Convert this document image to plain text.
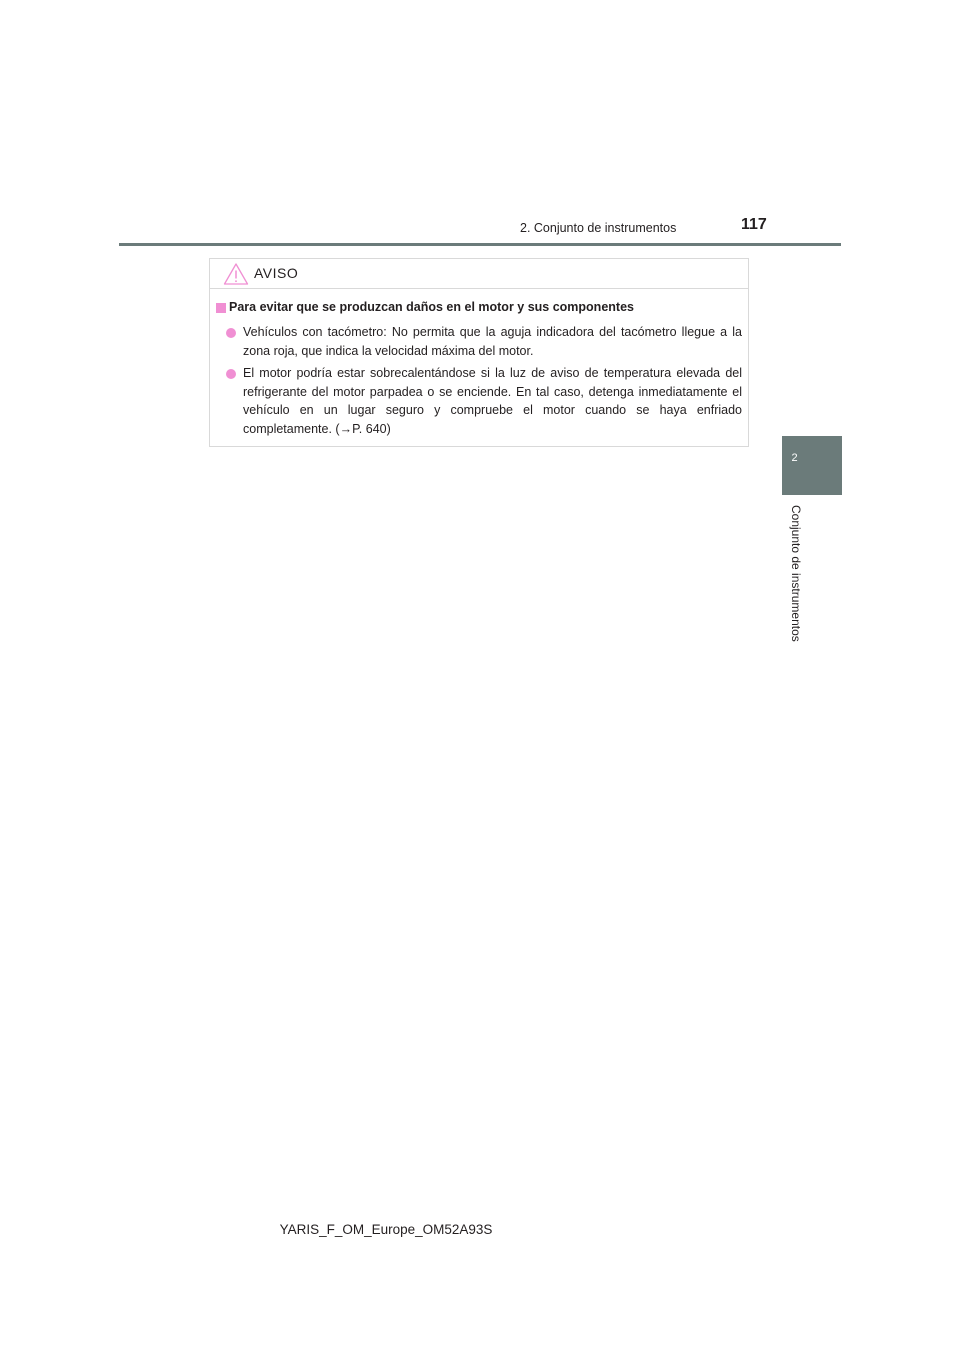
2. Conjunto de instrumentos	117
2
Conjunto de instrumentos
AVISO
Para evitar que se produzcan daños en el motor y sus componentes
Vehículos con tacómetro: No permita que la aguja indicadora del tacómetro llegue a la zona roja, que indica la velocidad máxima del motor.
El motor podría estar sobrecalentándose si la luz de aviso de temperatura elevada del refrigerante del motor parpadea o se enciende. En tal caso, detenga inmediatamente el vehículo en un lugar seguro y compruebe el motor cuando se haya enfriado completamente. (→P. 640)
YARIS_F_OM_Europe_OM52A93S
